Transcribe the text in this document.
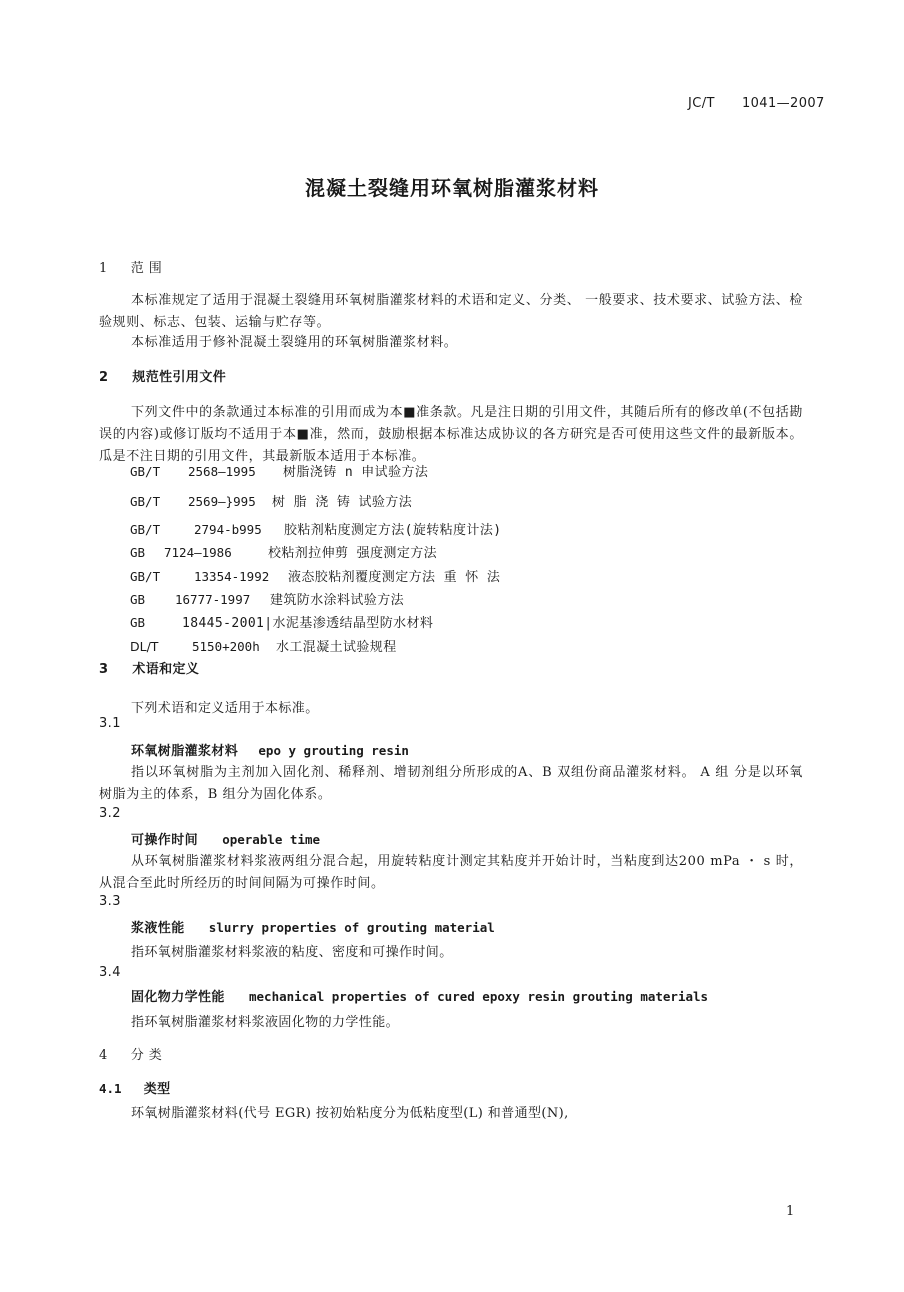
JC/T 1041—2007
混凝土裂缝用环氧树脂灌浆材料
1 范 围
本标准规定了适用于混凝土裂缝用环氧树脂灌浆材料的术语和定义、分类、 一般要求、技术要求、试验方法、检验规则、标志、包装、运输与贮存等。
本标准适用于修补混凝土裂缝用的环氧树脂灌浆材料。
2 规范性引用文件
下列文件中的条款通过本标准的引用而成为本■准条款。凡是注日期的引用文件，其随后所有的修改单(不包括勘误的内容)或修订版均不适用于本■准，然而，鼓励根据本标准达成协议的各方研究是否可使用这些文件的最新版本。瓜是不注日期的引用文件，其最新版本适用于本标准。
GB/T 2568—1995 树脂浇铸 n 申试验方法
GB/T 2569—}995 树 脂 浇 铸 试验方法
GB/T	2794-b995 胶粘剂粘度测定方法(旋转粘度计法)
GB 7124—1986	校粘剂拉伸剪 强度测定方法
GB/T	13354-1992 液态胶粘剂覆度测定方法 重 怀 法
GB 16777-1997 建筑防水涂料试验方法
GB	18445-2001|水泥基渗透结晶型防水材料
DL/T	5150+200h 水工混凝土试验规程
3 术语和定义
下列术语和定义适用于本标准。
3.1
环氧树脂灌浆材料 epo y grouting resin
指以环氧树脂为主剂加入固化剂、稀释剂、增韧剂组分所形成的A、B 双组份商品灌浆材料。 A 组 分是以环氧树脂为主的体系，B 组分为固化体系。
3.2
可操作时间 operable time
从环氧树脂灌浆材料浆液两组分混合起，用旋转粘度计测定其粘度并开始计时，当粘度到达200 mPa ・ s 时，从混合至此时所经历的时间间隔为可操作时间。
3.3
浆液性能 slurry properties of grouting material
指环氧树脂灌浆材料浆液的粘度、密度和可操作时间。
3.4
固化物力学性能 mechanical properties of cured epoxy resin grouting materials
指环氧树脂灌浆材料浆液固化物的力学性能。
4 分 类
4.1 类型
环氧树脂灌浆材料(代号 EGR) 按初始粘度分为低粘度型(L) 和普通型(N),
1
